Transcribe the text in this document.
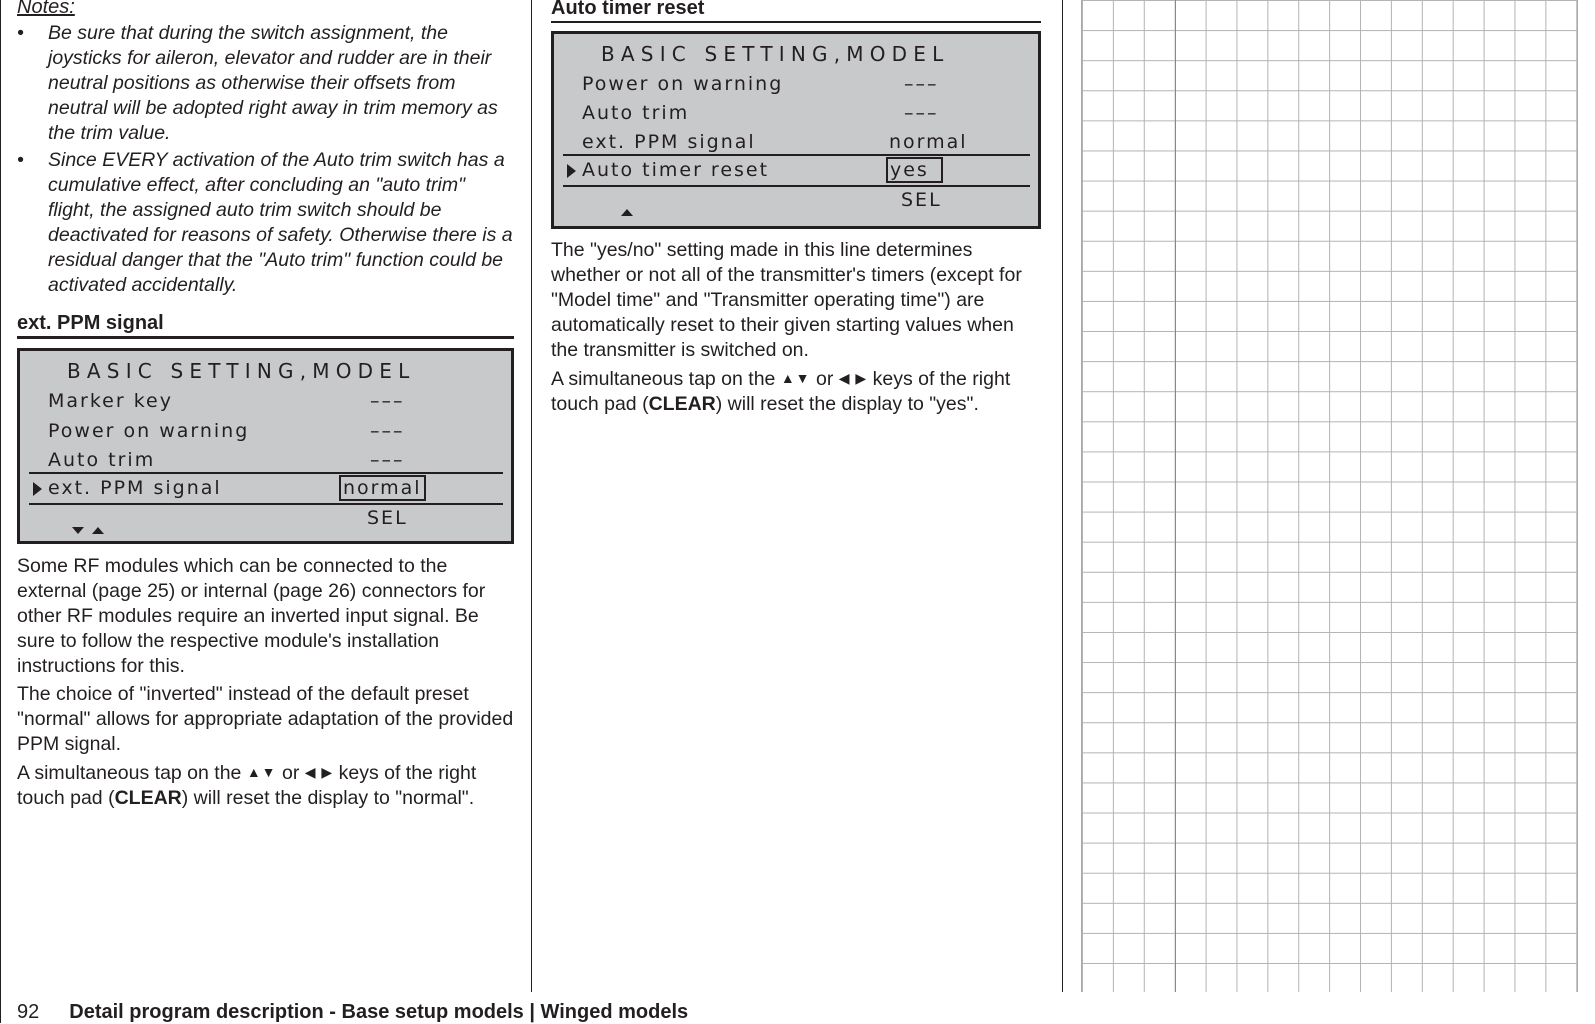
Notes:
• Be sure that during the switch assignment, the joysticks for aileron, elevator and rudder are in their neutral positions as otherwise their offsets from neutral will be adopted right away in trim memory as the trim value.
• Since EVERY activation of the Auto trim switch has a cumulative effect, after concluding an "auto trim" flight, the assigned auto trim switch should be deactivated for reasons of safety. Otherwise there is a residual danger that the "Auto trim" function could be activated accidentally.
ext. PPM signal
BASIC SETTING,MODEL
Marker key	–––
Power on warning	–––
Auto trim	–––
ext. PPM signal	normal

SEL

Some RF modules which can be connected to the external (page 25) or internal (page 26) connectors for other RF modules require an inverted input signal. Be sure to follow the respective module's installation instructions for this.

The choice of "inverted" instead of the default preset "normal" allows for appropriate adaptation of the provided PPM signal.

A simultaneous tap on the ▲▼ or ◀ ▶ keys of the right touch pad (CLEAR) will reset the display to "normal".

Auto timer reset
BASIC SETTING,MODEL
Power on warning	–––
Auto trim	–––
ext. PPM signal	normal
Auto timer reset	yes
SEL

The "yes/no" setting made in this line determines whether or not all of the transmitter's timers (except for "Model time" and "Transmitter operating time") are automatically reset to their given starting values when the transmitter is switched on.

A simultaneous tap on the ▲▼ or ◀ ▶ keys of the right touch pad (CLEAR) will reset the display to "yes".

92 Detail program description - Base setup models | Winged models
